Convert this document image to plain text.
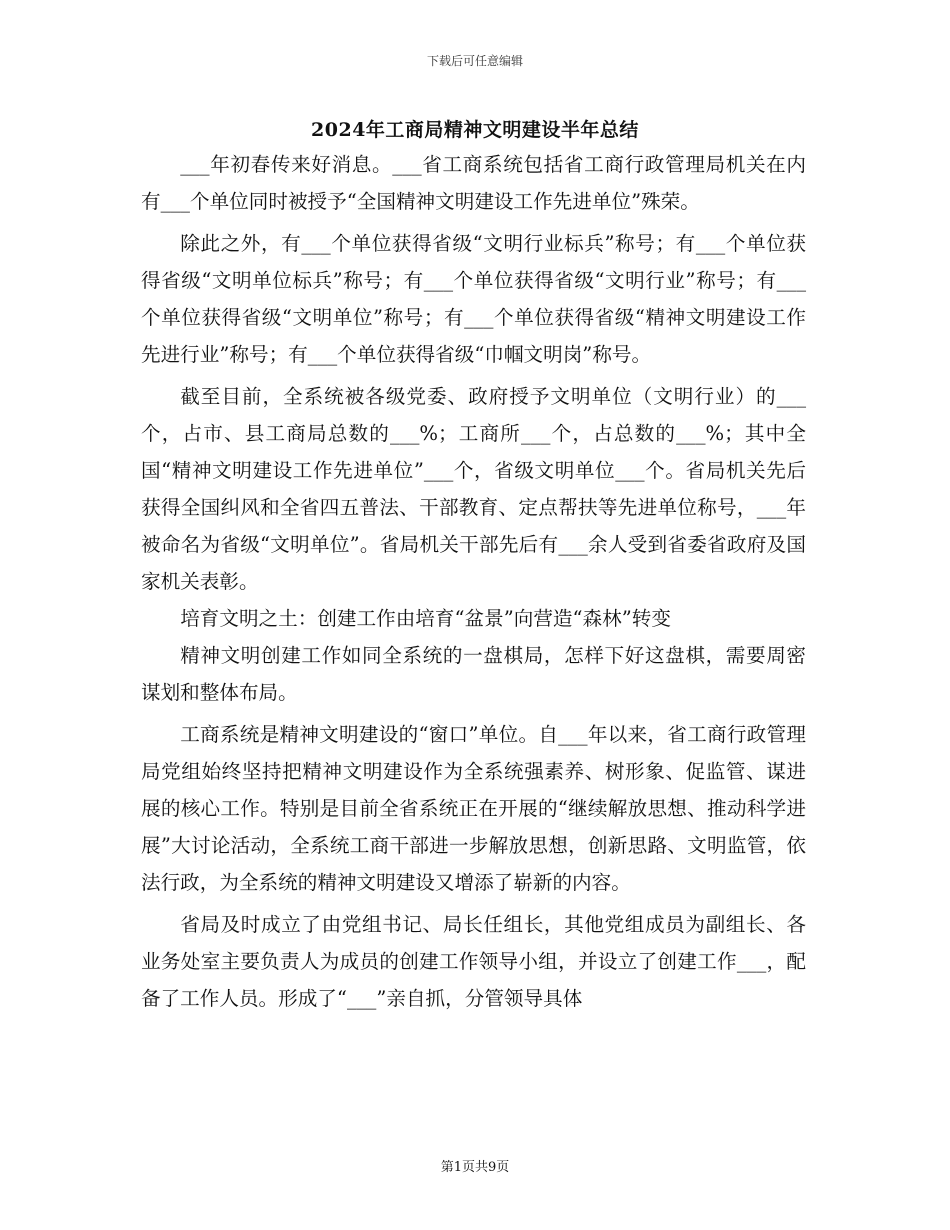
下载后可任意编辑
2024年工商局精神文明建设半年总结

___年初春传来好消息。___省工商系统包括省工商行政管理局机关在内有___个单位同时被授予“全国精神文明建设工作先进单位”殊荣。

除此之外，有___个单位获得省级“文明行业标兵”称号；有___个单位获得省级“文明单位标兵”称号；有___个单位获得省级“文明行业”称号；有___个单位获得省级“文明单位”称号；有___个单位获得省级“精神文明建设工作先进行业”称号；有___个单位获得省级“巾帼文明岗”称号。

截至目前，全系统被各级党委、政府授予文明单位（文明行业）的___个，占市、县工商局总数的___%；工商所___个，占总数的___%；其中全国“精神文明建设工作先进单位”___个，省级文明单位___个。省局机关先后获得全国纠风和全省四五普法、干部教育、定点帮扶等先进单位称号，___年被命名为省级“文明单位”。省局机关干部先后有___余人受到省委省政府及国家机关表彰。

培育文明之土：创建工作由培育“盆景”向营造“森林”转变

精神文明创建工作如同全系统的一盘棋局，怎样下好这盘棋，需要周密谋划和整体布局。

工商系统是精神文明建设的“窗口”单位。自___年以来，省工商行政管理局党组始终坚持把精神文明建设作为全系统强素养、树形象、促监管、谋进展的核心工作。特别是目前全省系统正在开展的“继续解放思想、推动科学进展”大讨论活动，全系统工商干部进一步解放思想，创新思路、文明监管，依法行政，为全系统的精神文明建设又增添了崭新的内容。

省局及时成立了由党组书记、局长任组长，其他党组成员为副组长、各业务处室主要负责人为成员的创建工作领导小组，并设立了创建工作___，配备了工作人员。形成了“___”亲自抓，分管领导具体

第1页共9页
